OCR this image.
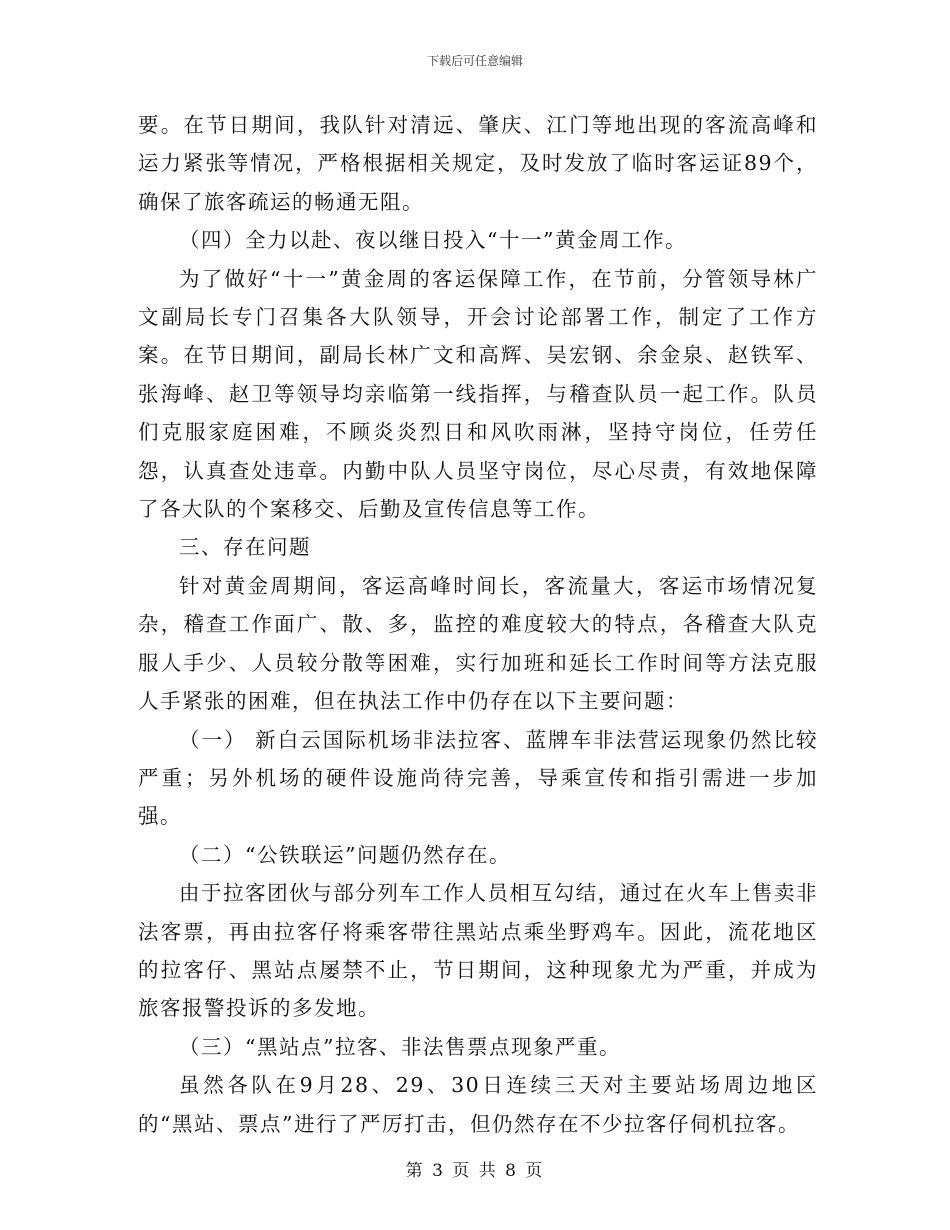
下载后可任意编辑

要。在节日期间，我队针对清远、肇庆、江门等地出现的客流高峰和运力紧张等情况，严格根据相关规定，及时发放了临时客运证89个，确保了旅客疏运的畅通无阻。

（四）全力以赴、夜以继日投入“十一”黄金周工作。

为了做好“十一”黄金周的客运保障工作，在节前，分管领导林广文副局长专门召集各大队领导，开会讨论部署工作，制定了工作方案。在节日期间，副局长林广文和高辉、吴宏钢、余金泉、赵铁军、张海峰、赵卫等领导均亲临第一线指挥，与稽查队员一起工作。队员们克服家庭困难，不顾炎炎烈日和风吹雨淋，坚持守岗位，任劳任怨，认真查处违章。内勤中队人员坚守岗位，尽心尽责，有效地保障了各大队的个案移交、后勤及宣传信息等工作。

三、存在问题

针对黄金周期间，客运高峰时间长，客流量大，客运市场情况复杂，稽查工作面广、散、多，监控的难度较大的特点，各稽查大队克服人手少、人员较分散等困难，实行加班和延长工作时间等方法克服人手紧张的困难，但在执法工作中仍存在以下主要问题：

（一） 新白云国际机场非法拉客、蓝牌车非法营运现象仍然比较严重；另外机场的硬件设施尚待完善，导乘宣传和指引需进一步加强。

（二）“公铁联运”问题仍然存在。

由于拉客团伙与部分列车工作人员相互勾结，通过在火车上售卖非法客票，再由拉客仔将乘客带往黑站点乘坐野鸡车。因此，流花地区的拉客仔、黑站点屡禁不止，节日期间，这种现象尤为严重，并成为旅客报警投诉的多发地。

（三）“黑站点”拉客、非法售票点现象严重。

虽然各队在9月28、29、30日连续三天对主要站场周边地区的“黑站、票点”进行了严厉打击，但仍然存在不少拉客仔伺机拉客。

第 3 页 共 8 页
